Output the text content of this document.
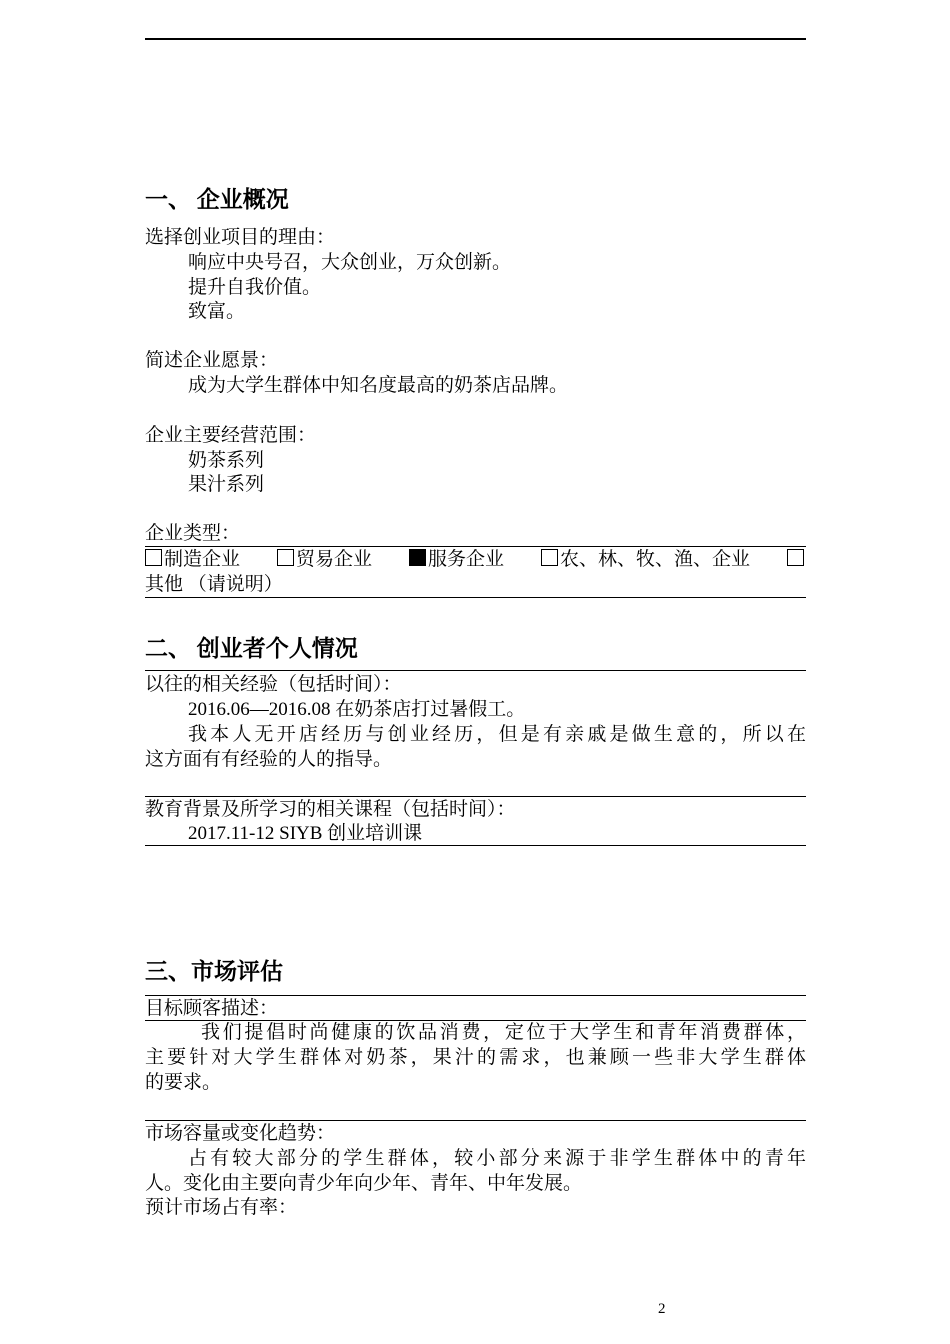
一、 企业概况
选择创业项目的理由：
响应中央号召，大众创业，万众创新。
提升自我价值。
致富。
简述企业愿景：
成为大学生群体中知名度最高的奶茶店品牌。
企业主要经营范围：
奶茶系列
果汁系列
企业类型：
制造企业	贸易企业	服务企业	农、林、牧、渔、企业
其他 （请说明）
二、 创业者个人情况
以往的相关经验（包括时间）：
2016.06—2016.08 在奶茶店打过暑假工。
我本人无开店经历与创业经历，但是有亲戚是做生意的，所以在
这方面有有经验的人的指导。
教育背景及所学习的相关课程（包括时间）：
2017.11-12 SIYB 创业培训课
三、市场评估
目标顾客描述：
我们提倡时尚健康的饮品消费，定位于大学生和青年消费群体，
主要针对大学生群体对奶茶，果汁的需求，也兼顾一些非大学生群体
的要求。
市场容量或变化趋势：
占有较大部分的学生群体，较小部分来源于非学生群体中的青年
人。变化由主要向青少年向少年、青年、中年发展。
预计市场占有率：
2
